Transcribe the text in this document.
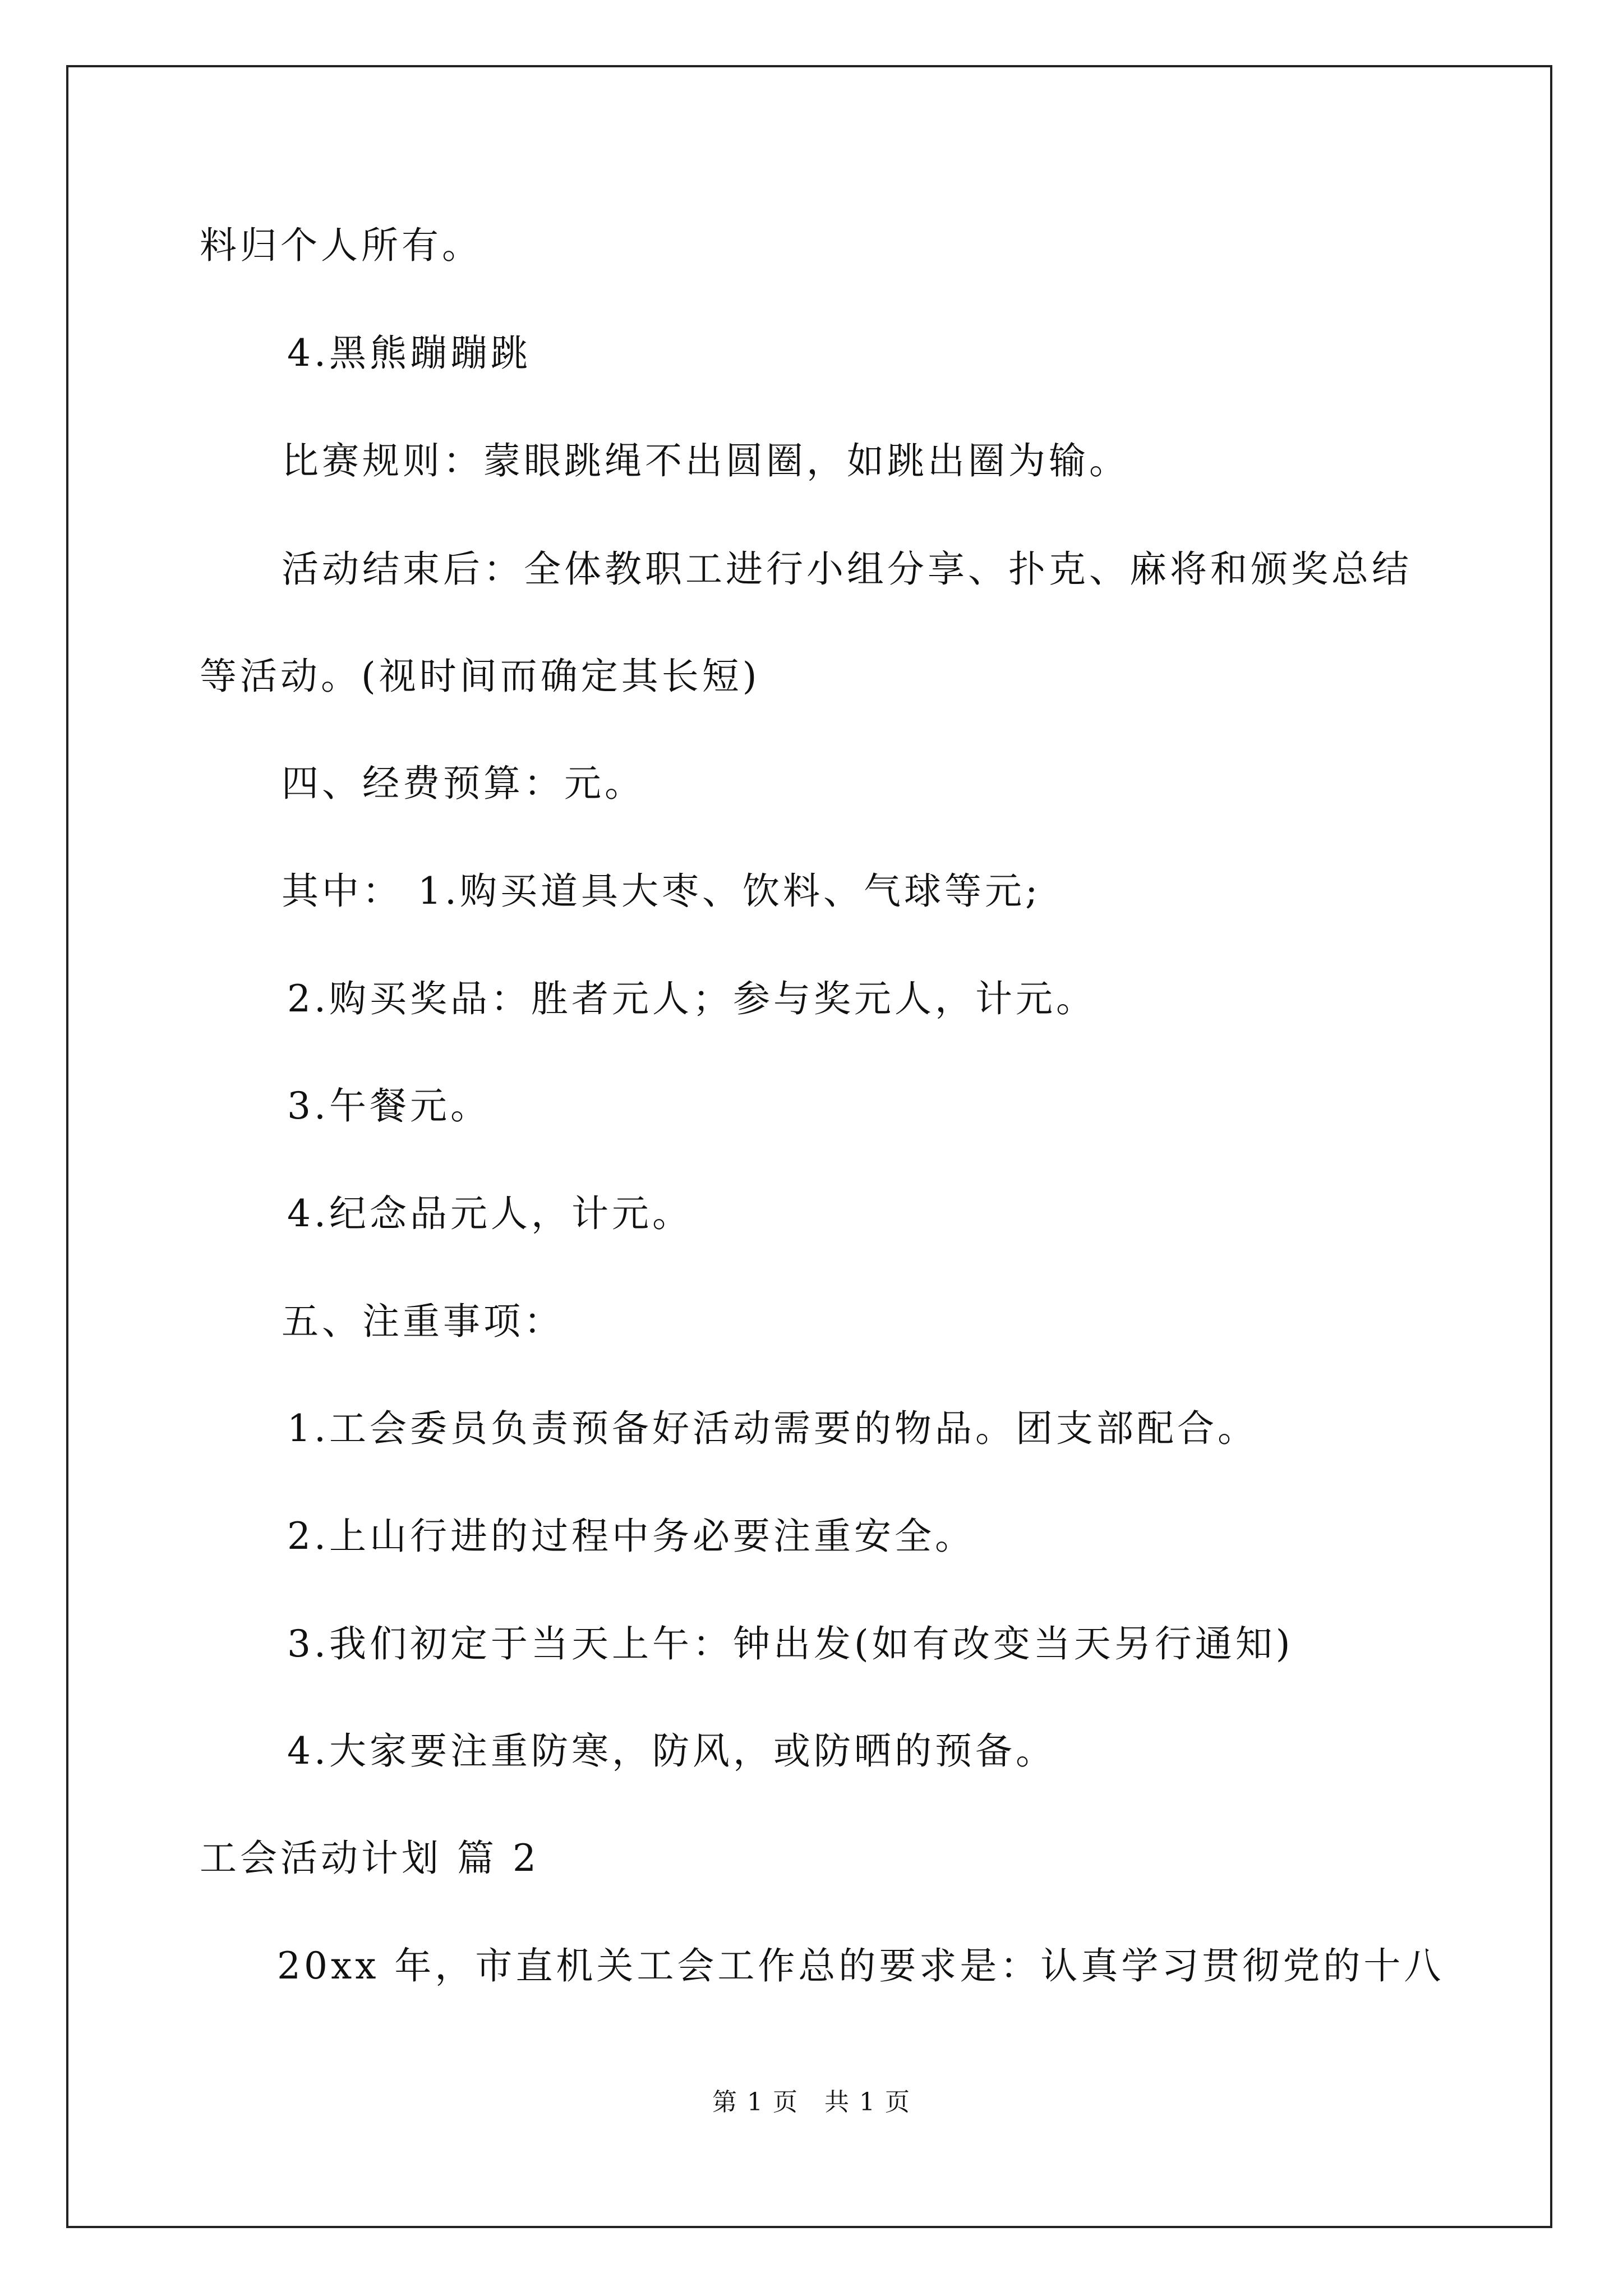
料归个人所有。
4.黑熊蹦蹦跳
比赛规则：蒙眼跳绳不出圆圈，如跳出圈为输。
活动结束后：全体教职工进行小组分享、扑克、麻将和颁奖总结
等活动。(视时间而确定其长短)
四、经费预算：元。
其中： 1.购买道具大枣、饮料、气球等元;
2.购买奖品：胜者元人；参与奖元人，计元。
3.午餐元。
4.纪念品元人，计元。
五、注重事项：
1.工会委员负责预备好活动需要的物品。团支部配合。
2.上山行进的过程中务必要注重安全。
3.我们初定于当天上午：钟出发(如有改变当天另行通知)
4.大家要注重防寒，防风，或防晒的预备。
工会活动计划 篇 2
20xx 年，市直机关工会工作总的要求是：认真学习贯彻党的十八
第 1 页　共 1 页
